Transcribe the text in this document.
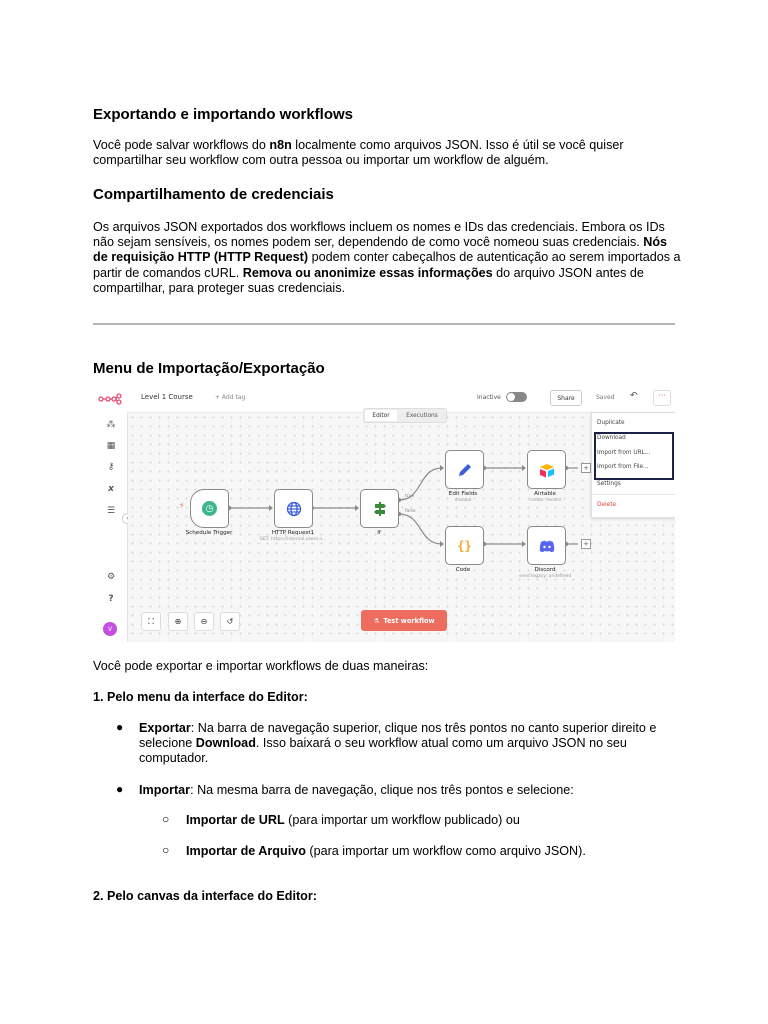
Exportando e importando workflows

Você pode salvar workflows do n8n localmente como arquivos JSON. Isso é útil se você quiser compartilhar seu workflow com outra pessoa ou importar um workflow de alguém.

Compartilhamento de credenciais

Os arquivos JSON exportados dos workflows incluem os nomes e IDs das credenciais. Embora os IDs não sejam sensíveis, os nomes podem ser, dependendo de como você nomeou suas credenciais. Nós de requisição HTTP (HTTP Request) podem conter cabeçalhos de autenticação ao serem importados a partir de comandos cURL. Remova ou anonimize essas informações do arquivo JSON antes de compartilhar, para proteger suas credenciais.

Menu de Importação/Exportação
⁂
▦
⚷
x
☰
⚙
?
V
Level 1 Course	+ Add tag	Inactive	Share	Saved ↶	···
Editor	Executions
⚡	◷
Schedule Trigger	HTTP Request1
GET: https://internal.users.n...
If
true
false
Edit Fields
manual
Airtable
create: record
+
{}
Code	Discord
send:legacy: undefined
+
Duplicate
Download
Import from URL...
Import from File...
Settings
Delete
⛶	⊕	⊖	↺	⚗ Test workflow

Você pode exportar e importar workflows de duas maneiras:

1. Pelo menu da interface do Editor:

● Exportar: Na barra de navegação superior, clique nos três pontos no canto superior direito e selecione Download. Isso baixará o seu workflow atual como um arquivo JSON no seu computador.

● Importar: Na mesma barra de navegação, clique nos três pontos e selecione:

○ Importar de URL (para importar um workflow publicado) ou

○ Importar de Arquivo (para importar um workflow como arquivo JSON).

2. Pelo canvas da interface do Editor:
